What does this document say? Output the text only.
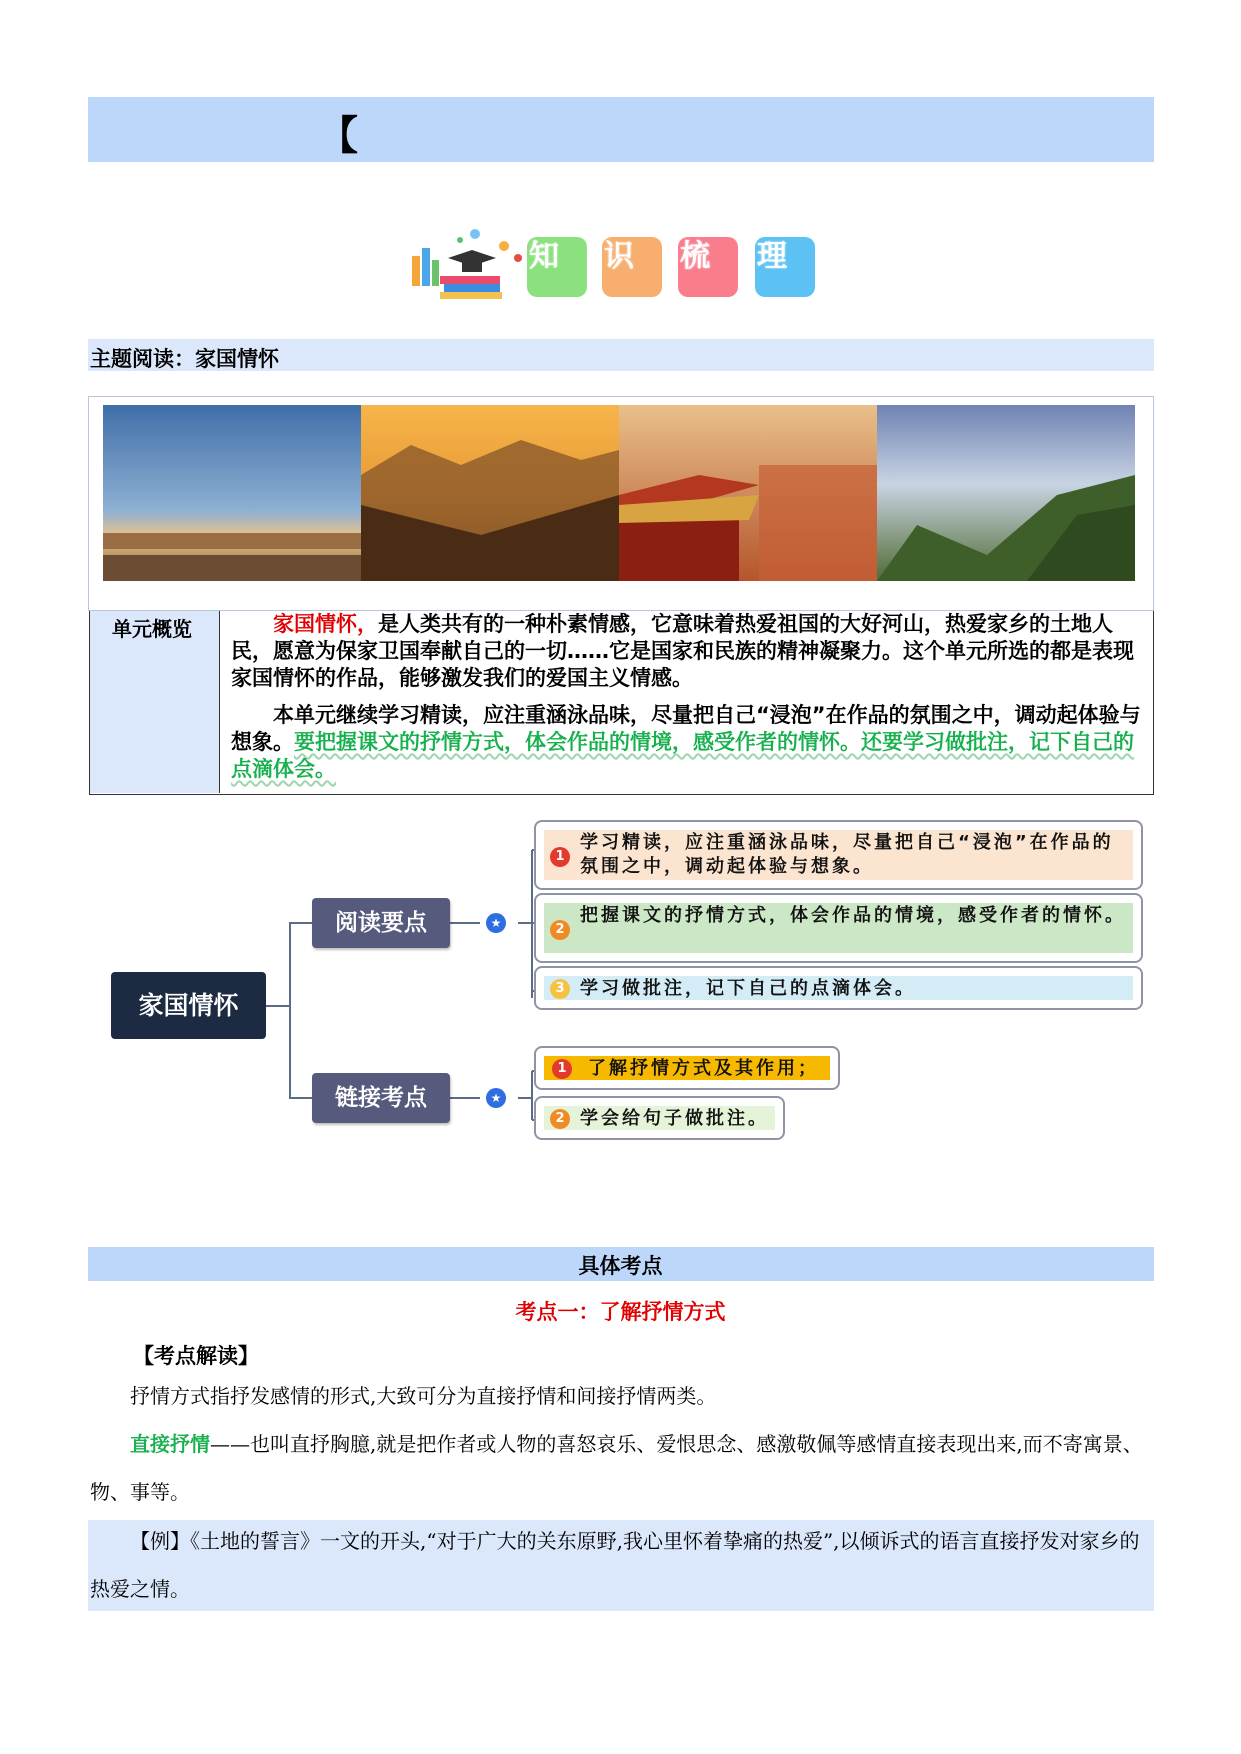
【
知	识	梳	理
主题阅读：家国情怀
单元概览	家国情怀，是人类共有的一种朴素情感，它意味着热爱祖国的大好河山，热爱家乡的土地人民，愿意为保家卫国奉献自己的一切……它是国家和民族的精神凝聚力。这个单元所选的都是表现家国情怀的作品，能够激发我们的爱国主义情感。
本单元继续学习精读，应注重涵泳品味，尽量把自己“浸泡”在作品的氛围之中，调动起体验与想象。要把握课文的抒情方式，体会作品的情境，感受作者的情怀。还要学习做批注，记下自己的点滴体会。
家国情怀
阅读要点
链接考点
★
★
1
学习精读，应注重涵泳品味，尽量把自己“浸泡”在作品的氛围之中，调动起体验与想象。
2
把握课文的抒情方式，体会作品的情境，感受作者的情怀。
3 学习做批注，记下自己的点滴体会。
1	了解抒情方式及其作用；
2 学会给句子做批注。
具体考点
考点一：了解抒情方式
【考点解读】
抒情方式指抒发感情的形式,大致可分为直接抒情和间接抒情两类。
直接抒情——也叫直抒胸臆,就是把作者或人物的喜怒哀乐、爱恨思念、感激敬佩等感情直接表现出来,而不寄寓景、物、事等。
【例】《土地的誓言》一文的开头,“对于广大的关东原野,我心里怀着挚痛的热爱”,以倾诉式的语言直接抒发对家乡的热爱之情。
